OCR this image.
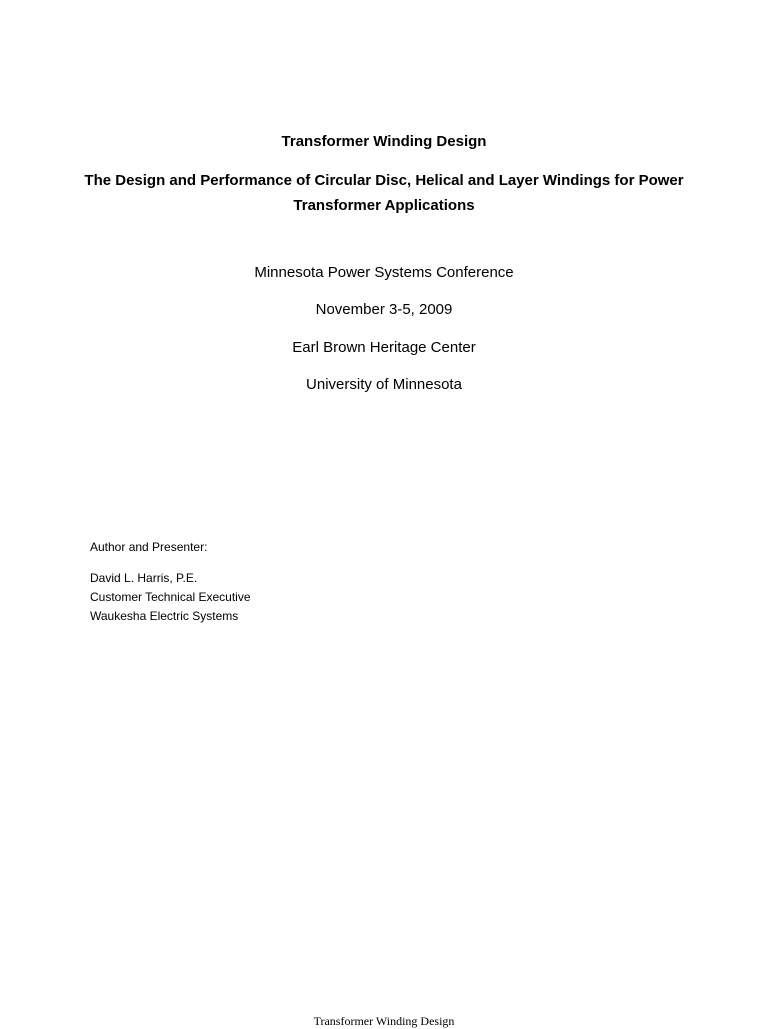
Transformer Winding Design
The Design and Performance of Circular Disc, Helical and Layer Windings for Power Transformer Applications
Minnesota Power Systems Conference
November 3-5, 2009
Earl Brown Heritage Center
University of Minnesota
Author and Presenter:
David L. Harris, P.E.
Customer Technical Executive
Waukesha Electric Systems
Transformer Winding Design
